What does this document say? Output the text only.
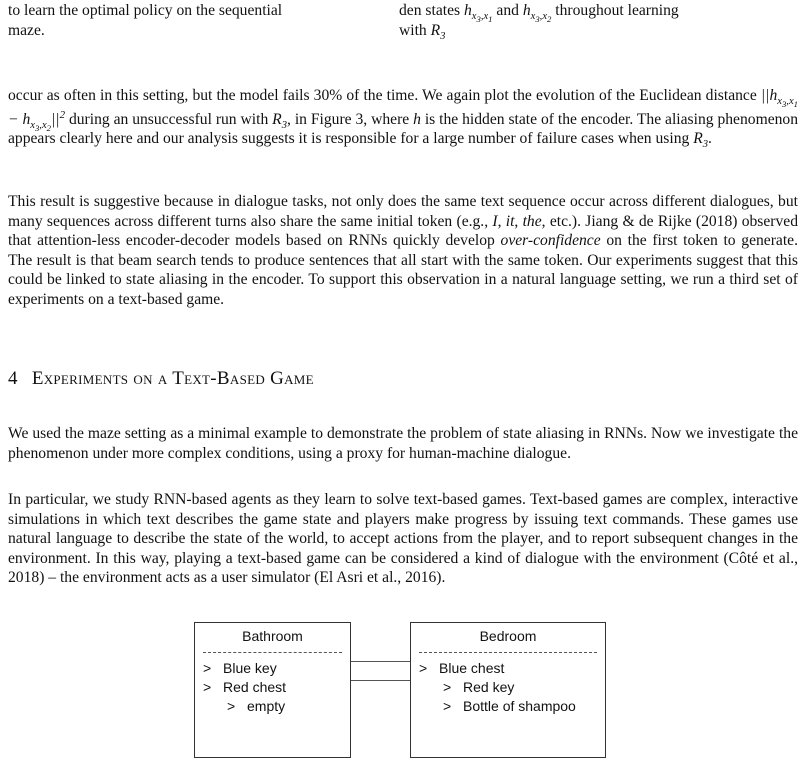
to learn the optimal policy on the sequential
maze.
den states $h_{x_3,x_1}$ and $h_{x_3,x_2}$ throughout learning
with $R_3$

occur as often in this setting, but the model fails 30% of the time. We again plot the evolution of the Euclidean distance $||h_{x_3,x_1} - h_{x_3,x_2}||^2$ during an unsuccessful run with $R_3$, in Figure 3, where h is the hidden state of the encoder. The aliasing phenomenon appears clearly here and our analysis suggests it is responsible for a large number of failure cases when using $R_3$.

This result is suggestive because in dialogue tasks, not only does the same text sequence occur across different dialogues, but many sequences across different turns also share the same initial token (e.g., I, it, the, etc.). Jiang & de Rijke (2018) observed that attention-less encoder-decoder models based on RNNs quickly develop over-confidence on the first token to generate. The result is that beam search tends to produce sentences that all start with the same token. Our experiments suggest that this could be linked to state aliasing in the encoder. To support this observation in a natural language setting, we run a third set of experiments on a text-based game.

4 Experiments on a Text-Based Game

We used the maze setting as a minimal example to demonstrate the problem of state aliasing in RNNs. Now we investigate the phenomenon under more complex conditions, using a proxy for human-machine dialogue.

In particular, we study RNN-based agents as they learn to solve text-based games. Text-based games are complex, interactive simulations in which text describes the game state and players make progress by issuing text commands. These games use natural language to describe the state of the world, to accept actions from the player, and to report subsequent changes in the environment. In this way, playing a text-based game can be considered a kind of dialogue with the environment (Côté et al., 2018) – the environment acts as a user simulator (El Asri et al., 2016).

Bathroom
> Blue key
> Red chest
> empty
Bedroom
> Blue chest
> Red key
> Bottle of shampoo
